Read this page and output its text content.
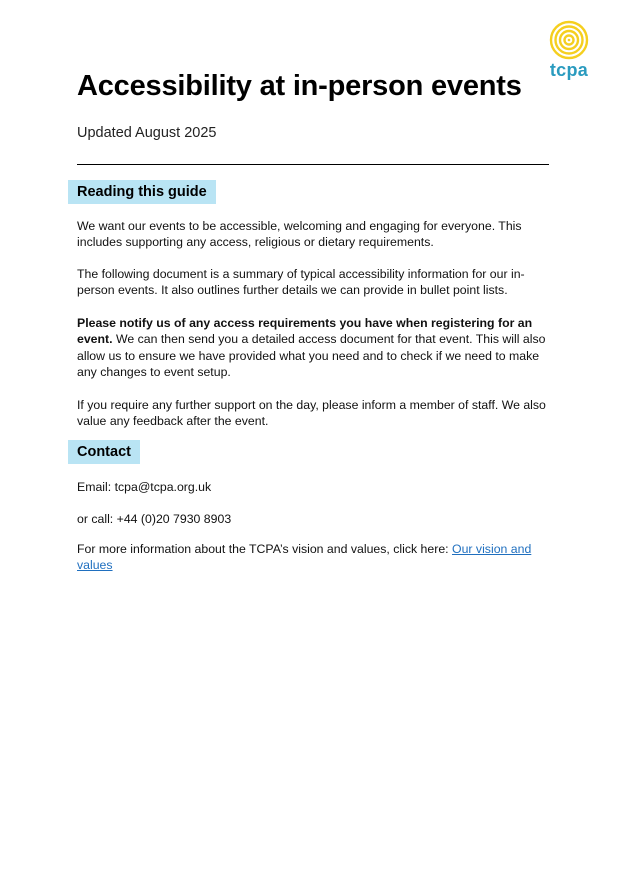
tcpa
Accessibility at in-person events
Updated August 2025
Reading this guide

We want our events to be accessible, welcoming and engaging for everyone. This includes supporting any access, religious or dietary requirements.

The following document is a summary of typical accessibility information for our in-person events. It also outlines further details we can provide in bullet point lists.

Please notify us of any access requirements you have when registering for an event. We can then send you a detailed access document for that event. This will also allow us to ensure we have provided what you need and to check if we need to make any changes to event setup.

If you require any further support on the day, please inform a member of staff. We also value any feedback after the event.

Contact

Email: tcpa@tcpa.org.uk

or call: +44 (0)20 7930 8903

For more information about the TCPA’s vision and values, click here: Our vision and values
